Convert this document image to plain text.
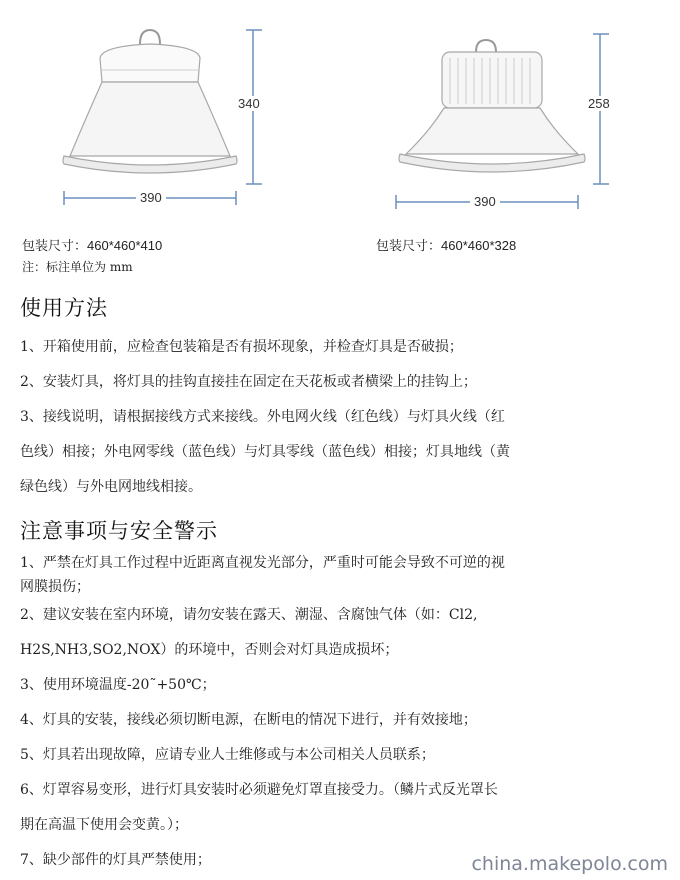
340
390
258
390
包装尺寸：460*460*410	包装尺寸：460*460*328
注：标注单位为 mm
使用方法
1、开箱使用前，应检查包装箱是否有损坏现象，并检查灯具是否破损；
2、安装灯具，将灯具的挂钩直接挂在固定在天花板或者横梁上的挂钩上；
3、接线说明，请根据接线方式来接线。外电网火线（红色线）与灯具火线（红
色线）相接；外电网零线（蓝色线）与灯具零线（蓝色线）相接；灯具地线（黄
绿色线）与外电网地线相接。
注意事项与安全警示
1、严禁在灯具工作过程中近距离直视发光部分，严重时可能会导致不可逆的视
网膜损伤；
2、建议安装在室内环境，请勿安装在露天、潮湿、含腐蚀气体（如：Cl2,
H2S,NH3,SO2,NOX）的环境中，否则会对灯具造成损坏；
3、使用环境温度-20˜+50℃；
4、灯具的安装，接线必须切断电源，在断电的情况下进行，并有效接地；
5、灯具若出现故障，应请专业人士维修或与本公司相关人员联系；
6、灯罩容易变形，进行灯具安装时必须避免灯罩直接受力。（鳞片式反光罩长
期在高温下使用会变黄。）；
7、缺少部件的灯具严禁使用；	china.makepolo.com
